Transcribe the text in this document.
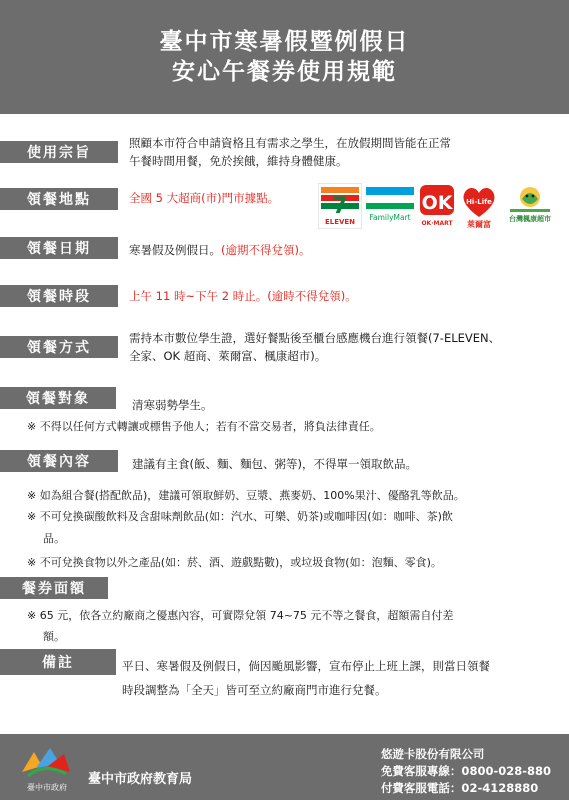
臺中市寒暑假暨例假日
安心午餐券使用規範
使用宗旨
照顧本市符合申請資格且有需求之學生，在放假期間皆能在正常
午餐時間用餐，免於挨餓，維持身體健康。
領餐地點	全國 5 大超商(市)門市據點。 7
ELEVEN FamilyMart
OK
OK·MART
Hi-Life
萊爾富
台灣楓康超市
領餐日期	寒暑假及例假日。(逾期不得兌領)。
領餐時段	上午 11 時~下午 2 時止。(逾時不得兌領)。
領餐方式
需持本市數位學生證，選好餐點後至櫃台感應機台進行領餐(7-ELEVEN、
全家、OK 超商、萊爾富、楓康超市)。
領餐對象	清寒弱勢學生。
※ 不得以任何方式轉讓或標售予他人；若有不當交易者，將負法律責任。
領餐內容	建議有主食(飯、麵、麵包、粥等)，不得單一領取飲品。
※ 如為組合餐(搭配飲品)，建議可領取鮮奶、豆漿、燕麥奶、100%果汁、優酪乳等飲品。
※ 不可兌換碳酸飲料及含甜味劑飲品(如：汽水、可樂、奶茶)或咖啡因(如：咖啡、茶)飲
品。
※ 不可兌換食物以外之產品(如：菸、酒、遊戲點數)，或垃圾食物(如：泡麵、零食)。
餐券面額
※ 65 元，依各立約廠商之優惠內容，可實際兌領 74~75 元不等之餐食，超額需自付差
額。
備註	平日、寒暑假及例假日，倘因颱風影響，宣布停止上班上課，則當日領餐
時段調整為「全天」皆可至立約廠商門市進行兌餐。
臺中市政府
臺中市政府教育局
悠遊卡股份有限公司
免費客服專線：0800-028-880
付費客服電話：02-4128880
